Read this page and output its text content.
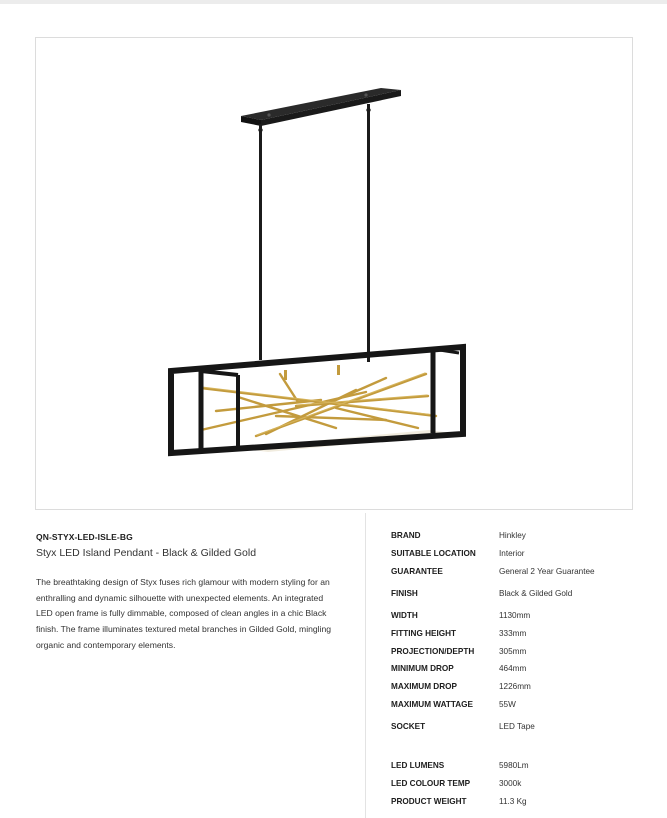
QN-STYX-LED-ISLE-BG
Styx LED Island Pendant - Black & Gilded Gold

The breathtaking design of Styx fuses rich glamour with modern styling for an enthralling and dynamic silhouette with unexpected elements. An integrated LED open frame is fully dimmable, composed of clean angles in a chic Black finish. The frame illuminates textured metal branches in Gilded Gold, mingling organic and contemporary elements.

BRAND	Hinkley
SUITABLE LOCATION	Interior
GUARANTEE	General 2 Year Guarantee
FINISH	Black & Gilded Gold
WIDTH	1130mm
FITTING HEIGHT	333mm
PROJECTION/DEPTH	305mm
MINIMUM DROP	464mm
MAXIMUM DROP	1226mm
MAXIMUM WATTAGE	55W
SOCKET	LED Tape
LED LUMENS	5980Lm
LED COLOUR TEMP	3000k
PRODUCT WEIGHT	11.3 Kg
